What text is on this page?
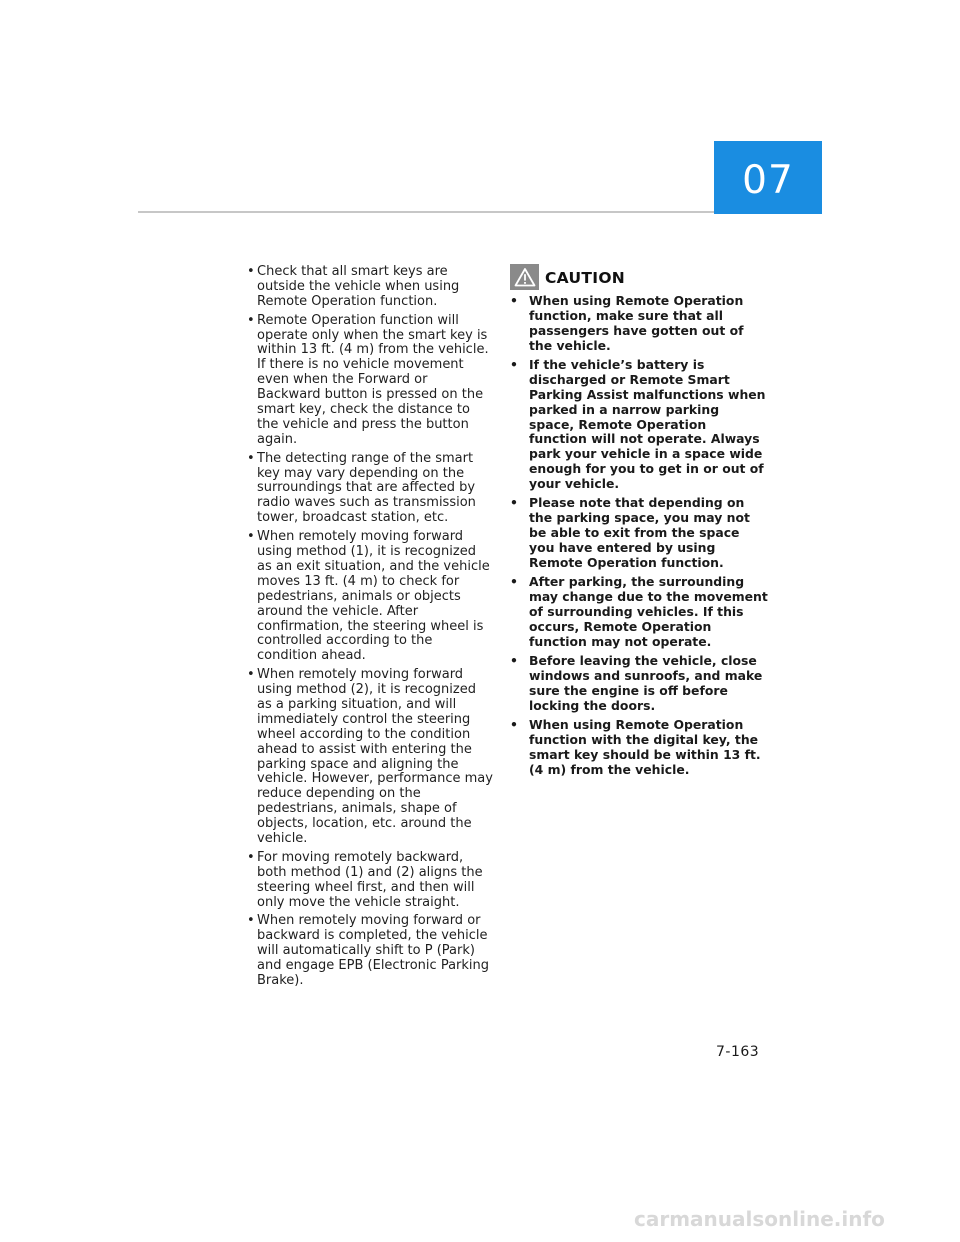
07
• Check that all smart keys are outside the vehicle when using Remote Operation function.
• Remote Operation function will operate only when the smart key is within 13 ft. (4 m) from the vehicle. If there is no vehicle movement even when the Forward or Backward button is pressed on the smart key, check the distance to the vehicle and press the button again.
• The detecting range of the smart key may vary depending on the surroundings that are affected by radio waves such as transmission tower, broadcast station, etc.
• When remotely moving forward using method (1), it is recognized as an exit situation, and the vehicle moves 13 ft. (4 m) to check for pedestrians, animals or objects around the vehicle. After confirmation, the steering wheel is controlled according to the condition ahead.
• When remotely moving forward using method (2), it is recognized as a parking situation, and will immediately control the steering wheel according to the condition ahead to assist with entering the parking space and aligning the vehicle. However, performance may reduce depending on the pedestrians, animals, shape of objects, location, etc. around the vehicle.
• For moving remotely backward, both method (1) and (2) aligns the steering wheel first, and then will only move the vehicle straight.
• When remotely moving forward or backward is completed, the vehicle will automatically shift to P (Park) and engage EPB (Electronic Parking Brake).
CAUTION
• When using Remote Operation function, make sure that all passengers have gotten out of the vehicle.
• If the vehicle’s battery is discharged or Remote Smart Parking Assist malfunctions when parked in a narrow parking space, Remote Operation function will not operate. Always park your vehicle in a space wide enough for you to get in or out of your vehicle.
• Please note that depending on the parking space, you may not be able to exit from the space you have entered by using Remote Operation function.
• After parking, the surrounding may change due to the movement of surrounding vehicles. If this occurs, Remote Operation function may not operate.
• Before leaving the vehicle, close windows and sunroofs, and make sure the engine is off before locking the doors.
• When using Remote Operation function with the digital key, the smart key should be within 13 ft. (4 m) from the vehicle.
7-163
carmanualsonline.info
